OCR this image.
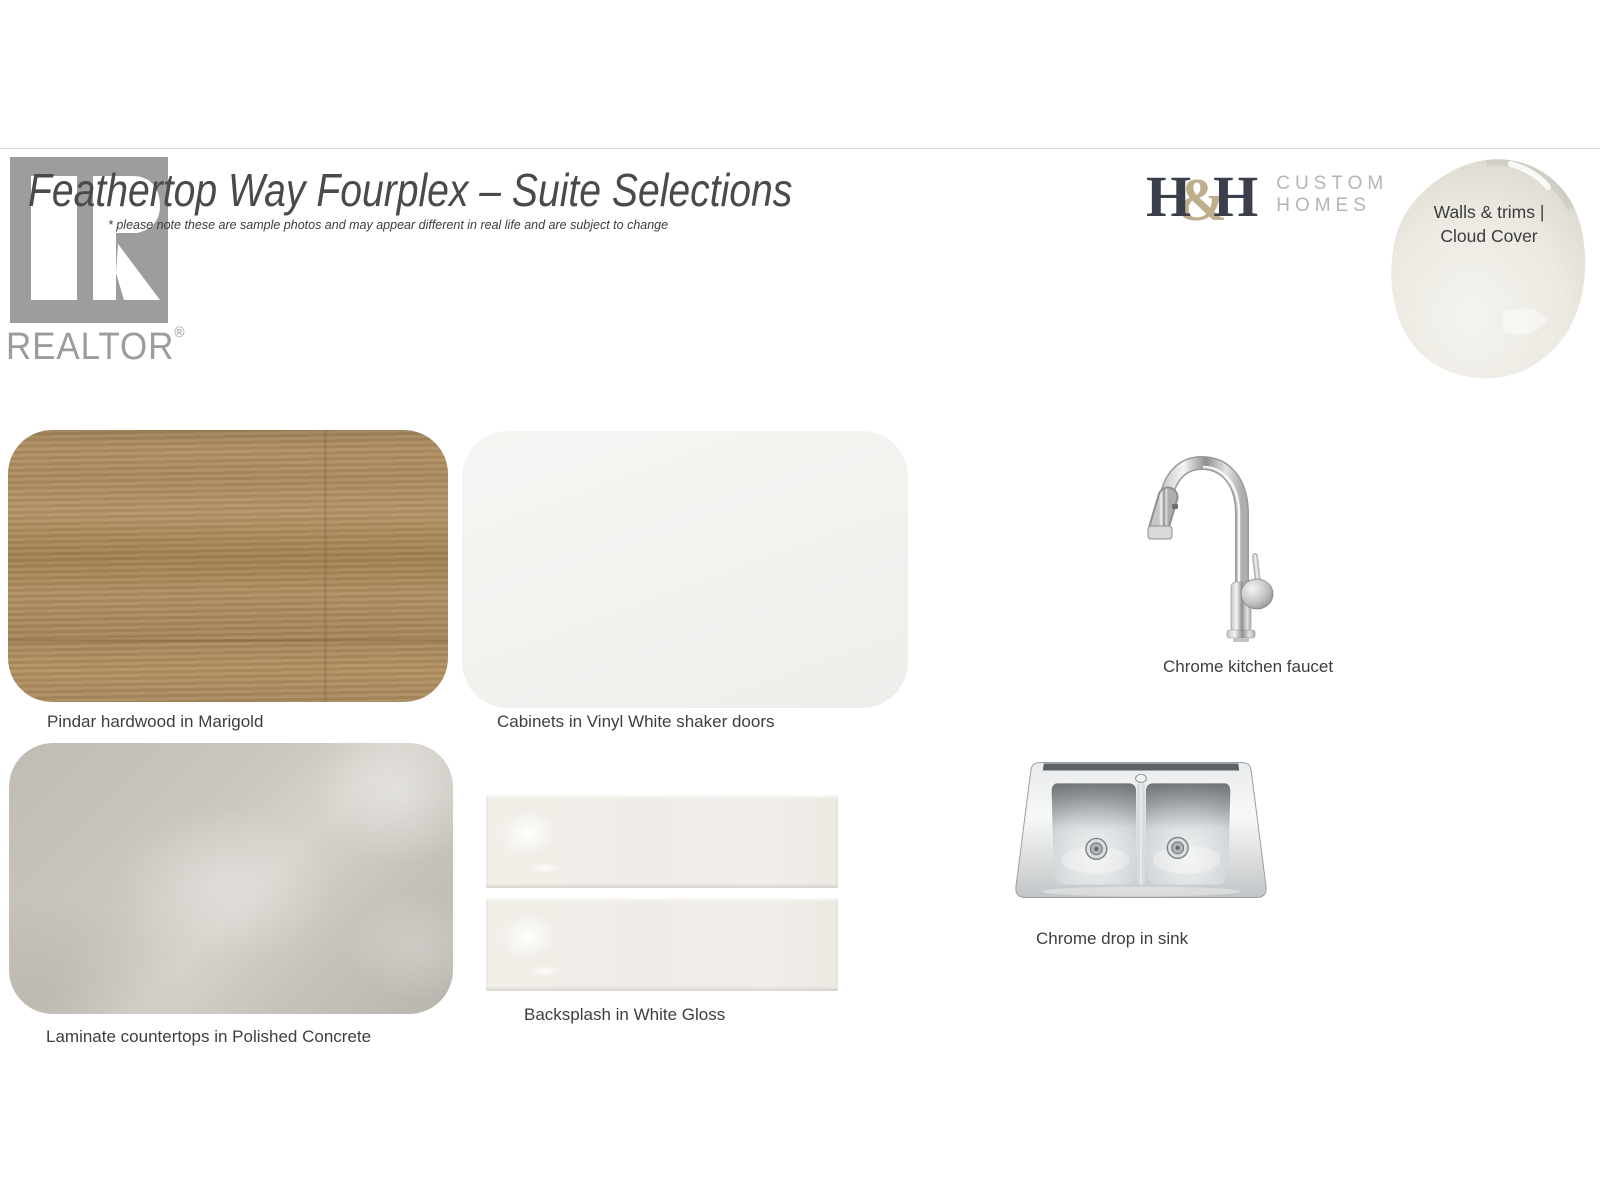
REALTOR®
Feathertop Way Fourplex – Suite Selections
* please note these are sample photos and may appear different in real life and are subject to change	H
&
H CUSTOM
HOMES	Walls & trims |
Cloud Cover
Pindar hardwood in Marigold	Cabinets in Vinyl White shaker doors
Chrome kitchen faucet
Laminate countertops in Polished Concrete
Backsplash in White Gloss
Chrome drop in sink
